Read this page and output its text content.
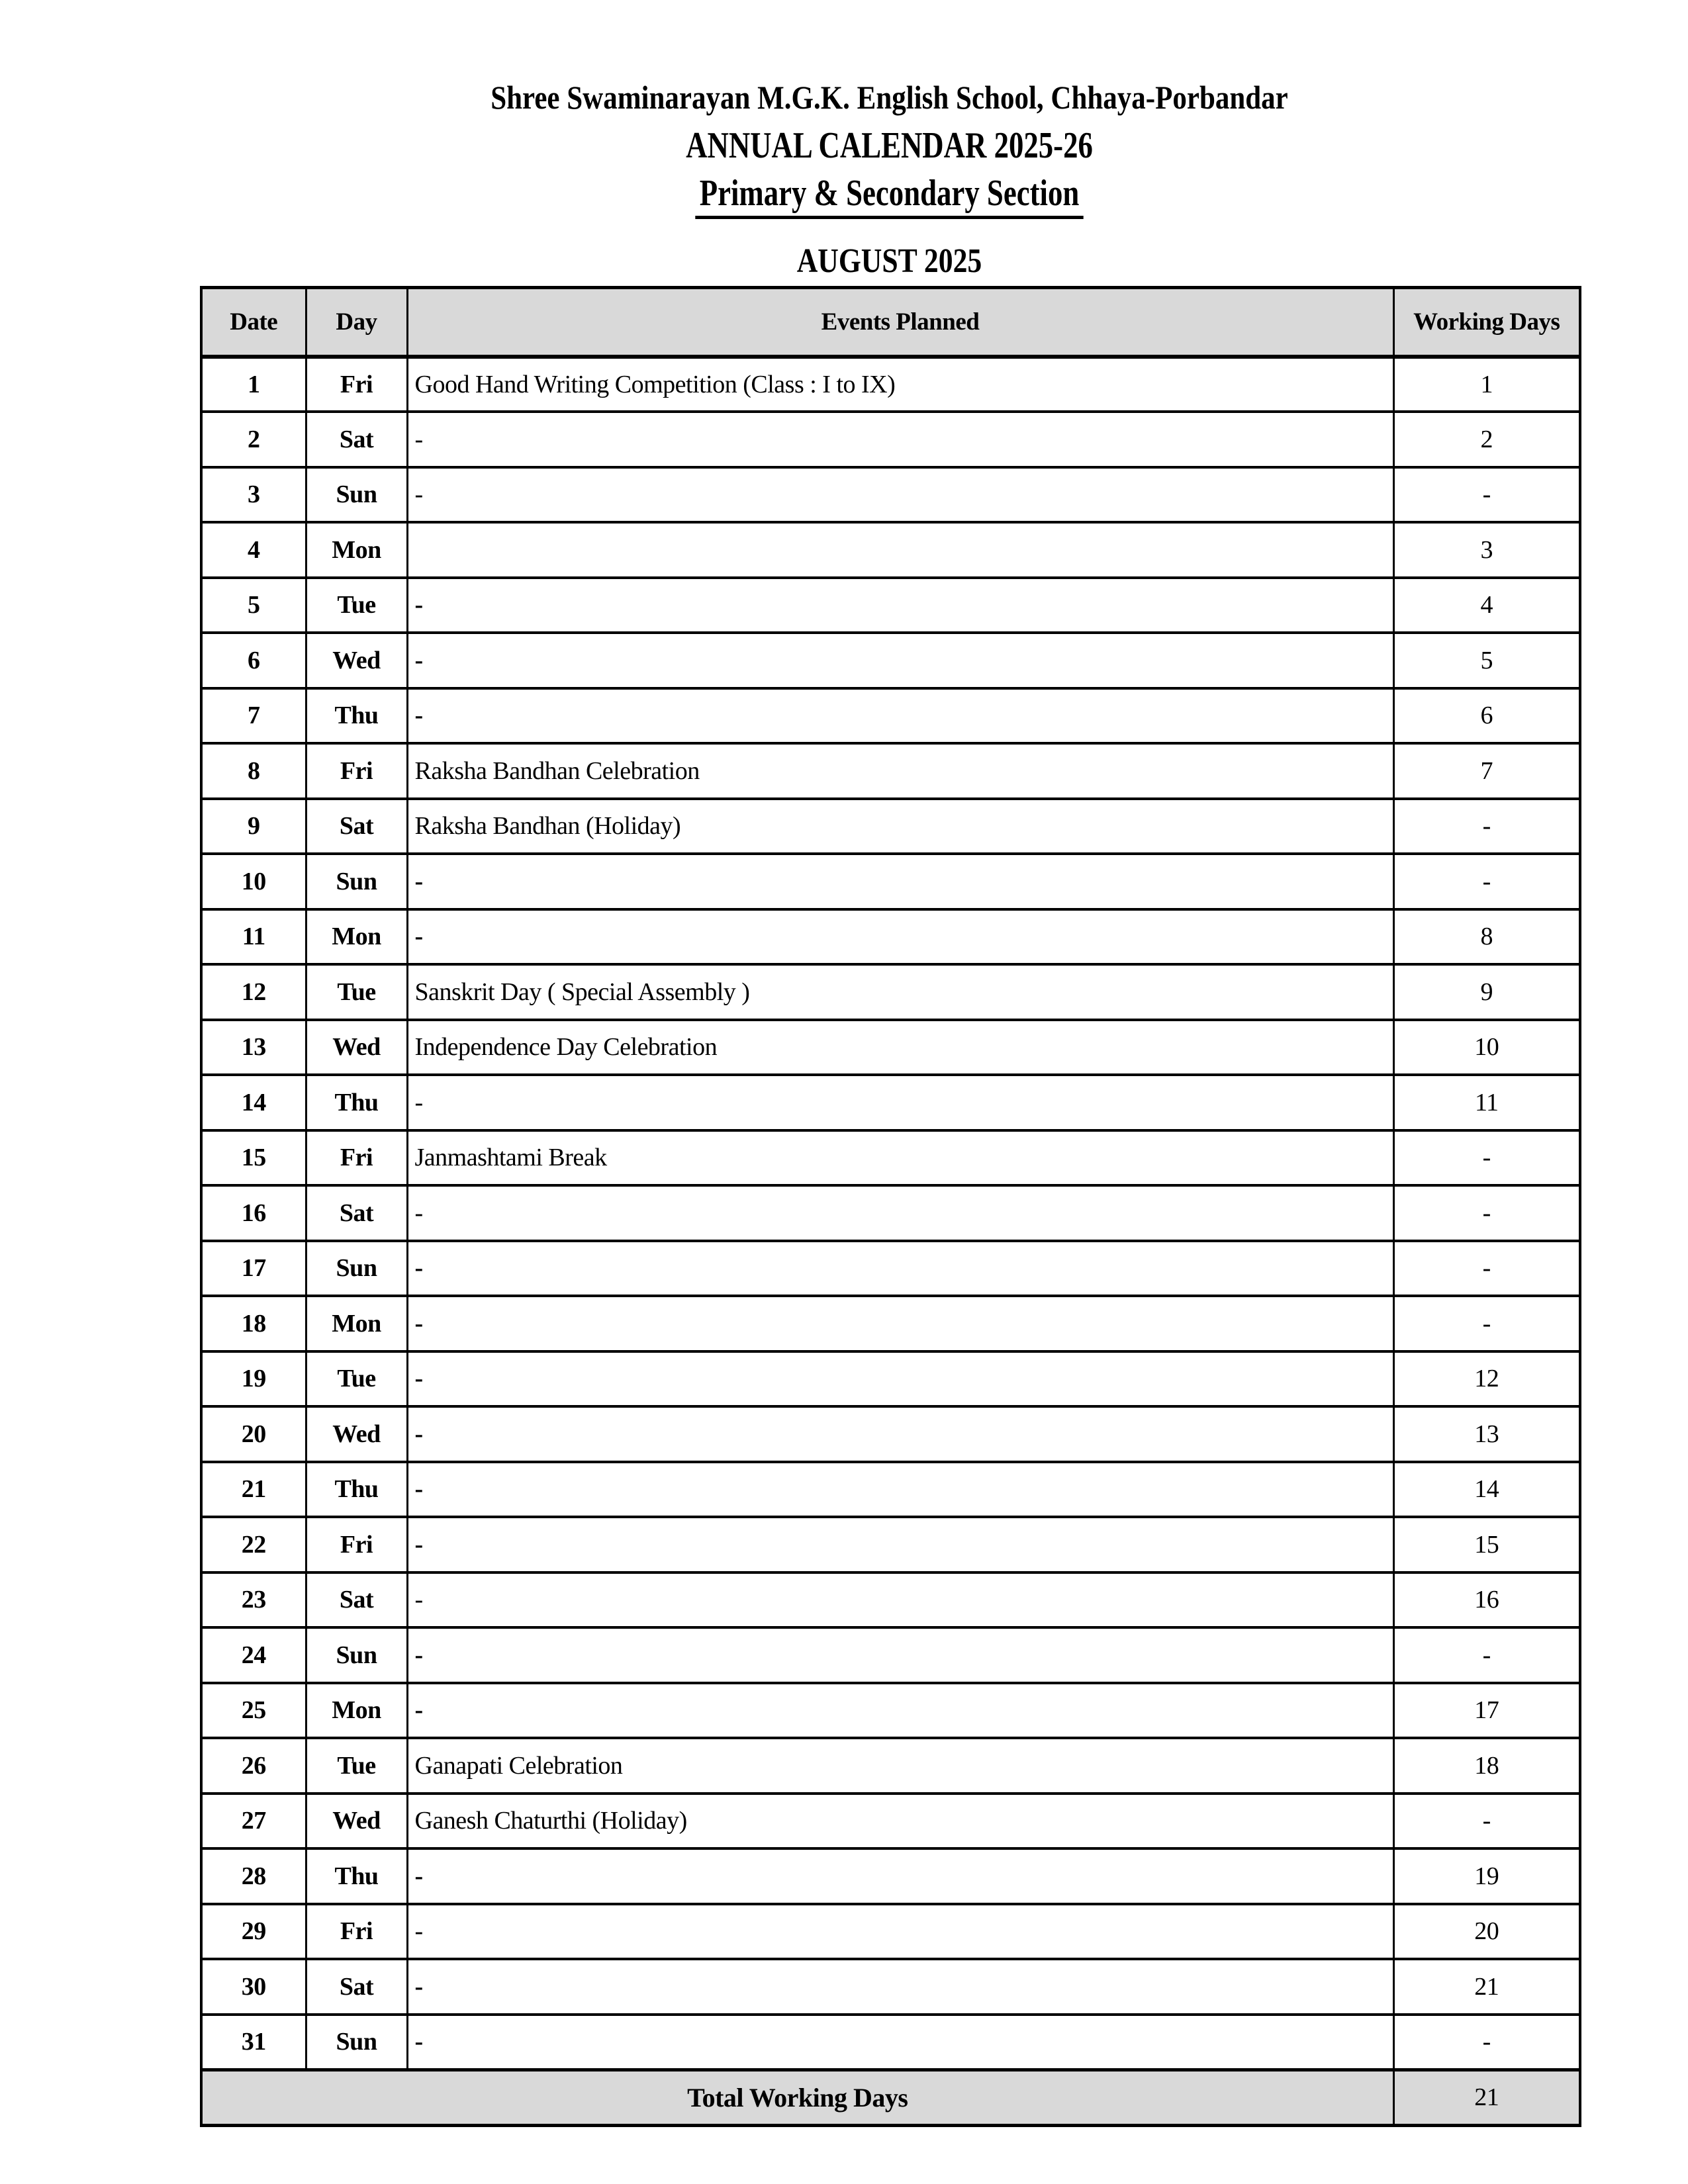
Shree Swaminarayan M.G.K. English School, Chhaya-Porbandar
ANNUAL CALENDAR 2025-26
Primary & Secondary Section
AUGUST 2025
Date	Day	Events Planned	Working Days
1	Fri	Good Hand Writing Competition (Class : I to IX)	1
2	Sat	-	2
3	Sun	-	-
4	Mon		3
5	Tue	-	4
6	Wed	-	5
7	Thu	-	6
8	Fri	Raksha Bandhan Celebration	7
9	Sat	Raksha Bandhan (Holiday)	-
10	Sun	-	-
11	Mon	-	8
12	Tue	Sanskrit Day ( Special Assembly )	9
13	Wed	Independence Day Celebration	10
14	Thu	-	11
15	Fri	Janmashtami Break	-
16	Sat	-	-
17	Sun	-	-
18	Mon	-	-
19	Tue	-	12
20	Wed	-	13
21	Thu	-	14
22	Fri	-	15
23	Sat	-	16
24	Sun	-	-
25	Mon	-	17
26	Tue	Ganapati Celebration	18
27	Wed	Ganesh Chaturthi (Holiday)	-
28	Thu	-	19
29	Fri	-	20
30	Sat	-	21
31	Sun	-	-
Total Working Days			21
